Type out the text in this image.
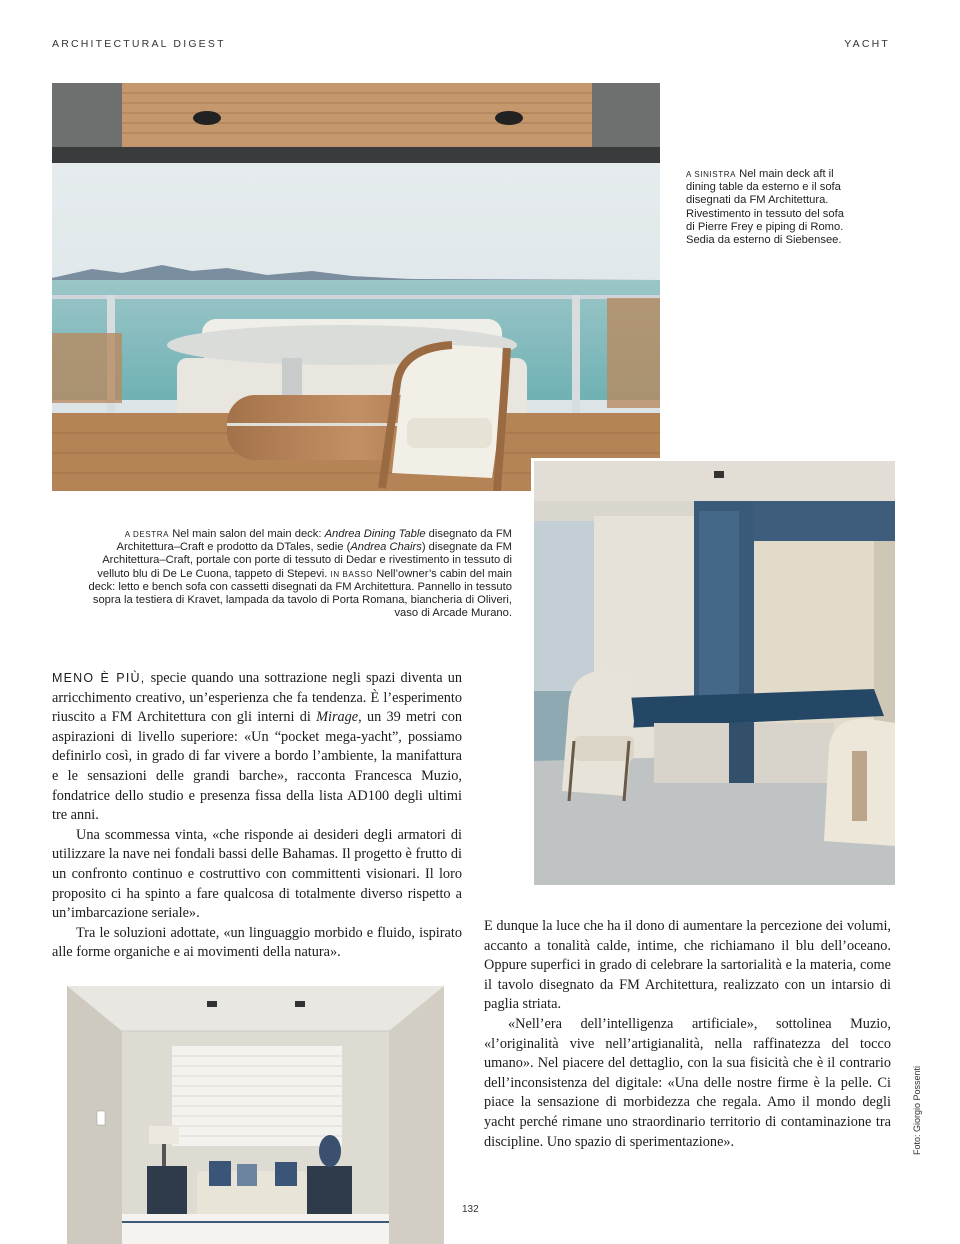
ARCHITECTURAL DIGEST	YACHT
A SINISTRA Nel main deck aft il dining table da esterno e il sofa disegnati da FM Architettura. Rivestimento in tessuto del sofa di Pierre Frey e piping di Romo. Sedia da esterno di Siebensee.
A DESTRA Nel main salon del main deck: Andrea Dining Table disegnato da FM Architettura–Craft e prodotto da DTales, sedie (Andrea Chairs) disegnate da FM Architettura–Craft, portale con porte di tessuto di Dedar e rivestimento in tessuto di velluto blu di De Le Cuona, tappeto di Stepevi. IN BASSO Nell’owner’s cabin del main deck: letto e bench sofa con cassetti disegnati da FM Architettura. Pannello in tessuto sopra la testiera di Kravet, lampada da tavolo di Porta Romana, biancheria di Oliveri, vaso di Arcade Murano.

MENO È PIÙ, specie quando una sottrazione negli spazi diventa un arricchimento creativo, un’esperienza che fa tendenza. È l’esperimento riuscito a FM Architettura con gli interni di Mirage, un 39 metri con aspirazioni di livello superiore: «Un “pocket mega-yacht”, possiamo definirlo così, in grado di far vivere a bordo l’ambiente, la manifattura e le sensazioni delle grandi barche», racconta Francesca Muzio, fondatrice dello studio e presenza fissa della lista AD100 degli ultimi tre anni.

Una scommessa vinta, «che risponde ai desideri degli armatori di utilizzare la nave nei fondali bassi delle Bahamas. Il progetto è frutto di un confronto continuo e costruttivo con committenti visionari. Il loro proposito ci ha spinto a fare qualcosa di totalmente diverso rispetto a un’imbarcazione seriale».

Tra le soluzioni adottate, «un linguaggio morbido e fluido, ispirato alle forme organiche e ai movimenti della natura».

E dunque la luce che ha il dono di aumentare la percezione dei volumi, accanto a tonalità calde, intime, che richiamano il blu dell’oceano. Oppure superfici in grado di celebrare la sartorialità e la materia, come il tavolo disegnato da FM Architettura, realizzato con un intarsio di paglia striata.

«Nell’era dell’intelligenza artificiale», sottolinea Muzio, «l’originalità vive nell’artigianalità, nella raffinatezza del tocco umano». Nel piacere del dettaglio, con la sua fisicità che è il contrario dell’inconsistenza del digitale: «Una delle nostre firme è la pelle. Ci piace la sensazione di morbidezza che regala. Amo il mondo degli yacht perché rimane uno straordinario territorio di contaminazione tra discipline. Uno spazio di sperimentazione».	Foto: Giorgio Possenti
132
